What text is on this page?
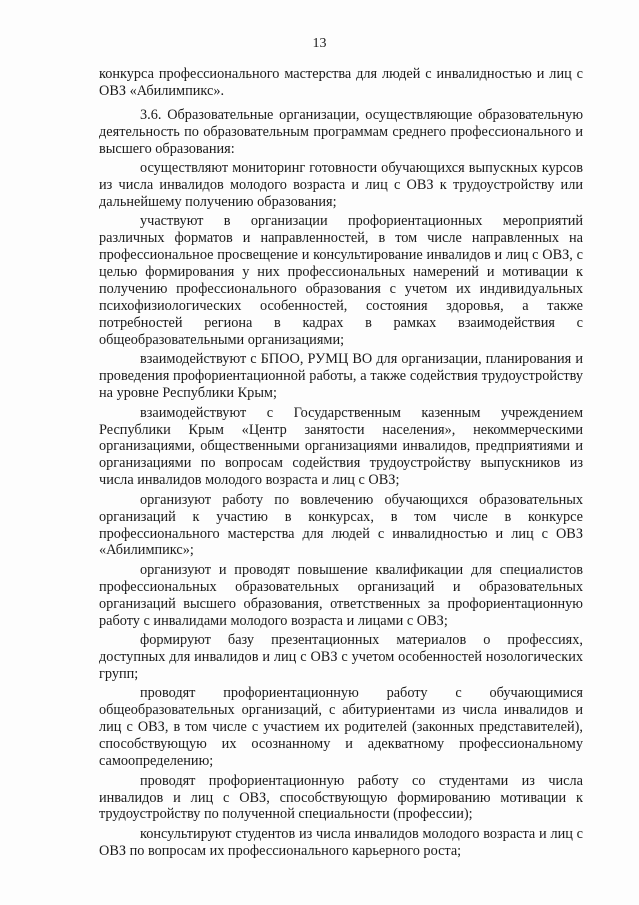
13

конкурса профессионального мастерства для людей с инвалидностью и лиц с ОВЗ «Абилимпикс».

3.6. Образовательные организации, осуществляющие образовательную деятельность по образовательным программам среднего профессионального и высшего образования:

осуществляют мониторинг готовности обучающихся выпускных курсов из числа инвалидов молодого возраста и лиц с ОВЗ к трудоустройству или дальнейшему получению образования;

участвуют в организации профориентационных мероприятий различных форматов и направленностей, в том числе направленных на профессиональное просвещение и консультирование инвалидов и лиц с ОВЗ, с целью формирования у них профессиональных намерений и мотивации к получению профессионального образования с учетом их индивидуальных психофизиологических особенностей, состояния здоровья, а также потребностей региона в кадрах в рамках взаимодействия с общеобразовательными организациями;

взаимодействуют с БПОО, РУМЦ ВО для организации, планирования и проведения профориентационной работы, а также содействия трудоустройству на уровне Республики Крым;

взаимодействуют с Государственным казенным учреждением Республики Крым «Центр занятости населения», некоммерческими организациями, общественными организациями инвалидов, предприятиями и организациями по вопросам содействия трудоустройству выпускников из числа инвалидов молодого возраста и лиц с ОВЗ;

организуют работу по вовлечению обучающихся образовательных организаций к участию в конкурсах, в том числе в конкурсе профессионального мастерства для людей с инвалидностью и лиц с ОВЗ «Абилимпикс»;

организуют и проводят повышение квалификации для специалистов профессиональных образовательных организаций и образовательных организаций высшего образования, ответственных за профориентационную работу с инвалидами молодого возраста и лицами с ОВЗ;

формируют базу презентационных материалов о профессиях, доступных для инвалидов и лиц с ОВЗ с учетом особенностей нозологических групп;

проводят профориентационную работу с обучающимися общеобразовательных организаций, с абитуриентами из числа инвалидов и лиц с ОВЗ, в том числе с участием их родителей (законных представителей), способствующую их осознанному и адекватному профессиональному самоопределению;

проводят профориентационную работу со студентами из числа инвалидов и лиц с ОВЗ, способствующую формированию мотивации к трудоустройству по полученной специальности (профессии);

консультируют студентов из числа инвалидов молодого возраста и лиц с ОВЗ по вопросам их профессионального карьерного роста;
